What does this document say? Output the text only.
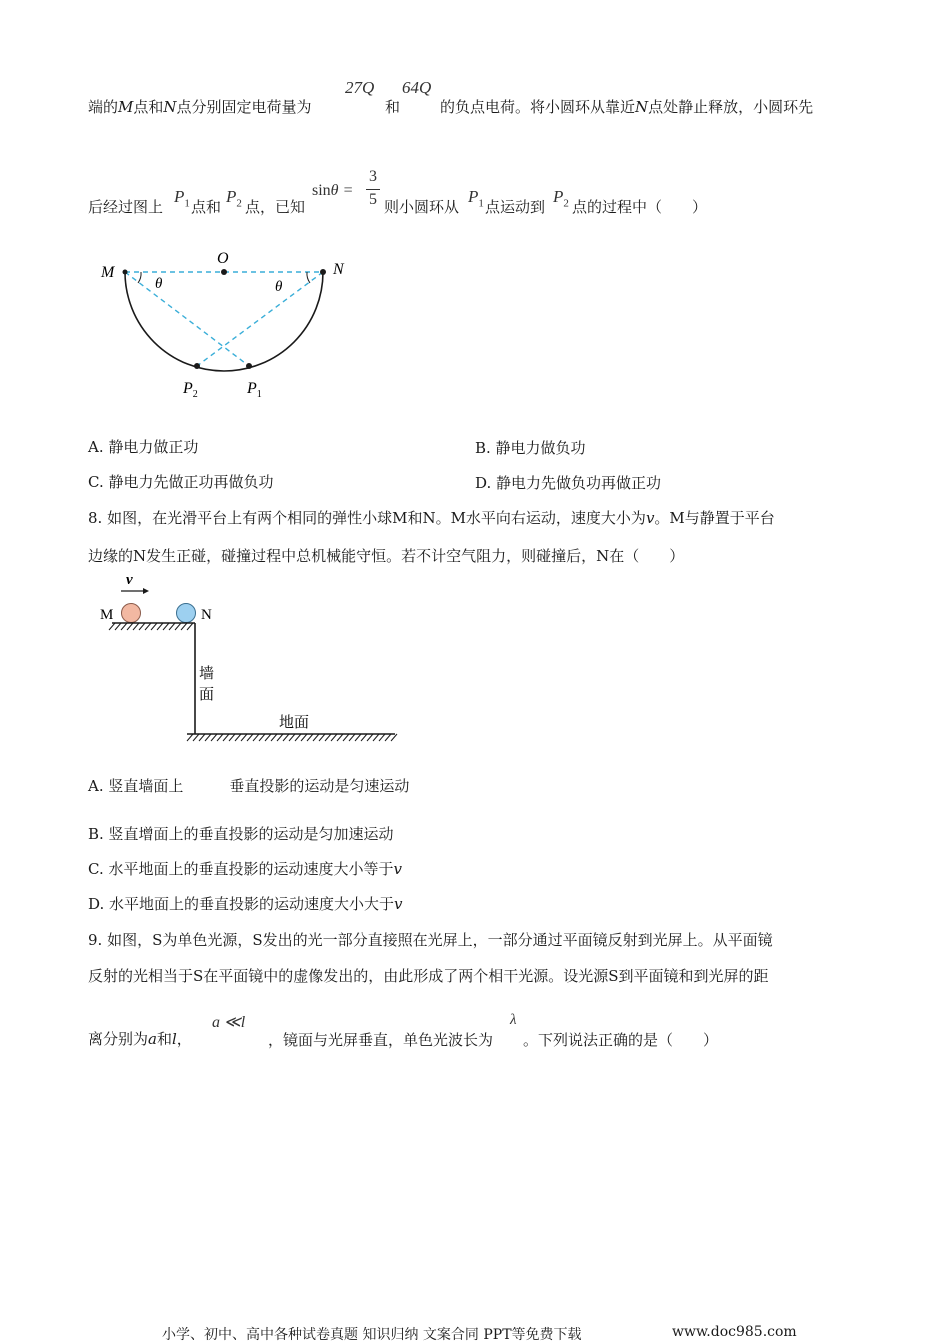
端的M点和N点分别固定电荷量为
27Q
和
64Q
的负点电荷。将小圆环从靠近N点处静止释放，小圆环先
后经过图上
$P_1$ 点和
$P_2$ 点，已知
sinθ =
3
5 则小圆环从
$P_1$ 点运动到
$P_2$ 点的过程中（　　）
M
O
N
θ	θ
$P_2$	$P_1$
A. 静电力做正功	B. 静电力做负功
C. 静电力先做正功再做负功	D. 静电力先做负功再做正功
8. 如图，在光滑平台上有两个相同的弹性小球M和N。M水平向右运动，速度大小为v。M与静置于平台
边缘的N发生正碰，碰撞过程中总机械能守恒。若不计空气阻力，则碰撞后，N在（　　）
v
M	N
墙
面
地面
A. 竖直墙面上	垂直投影的运动是匀速运动
B. 竖直增面上的垂直投影的运动是匀加速运动
C. 水平地面上的垂直投影的运动速度大小等于v
D. 水平地面上的垂直投影的运动速度大小大于v
9. 如图，S为单色光源，S发出的光一部分直接照在光屏上，一部分通过平面镜反射到光屏上。从平面镜
反射的光相当于S在平面镜中的虚像发出的，由此形成了两个相干光源。设光源S到平面镜和到光屏的距
离分别为a和l，
a ≪l
，镜面与光屏垂直，单色光波长为
λ
。下列说法正确的是（　　）
小学、初中、高中各种试卷真题 知识归纳 文案合同 PPT等免费下载	www.doc985.com
